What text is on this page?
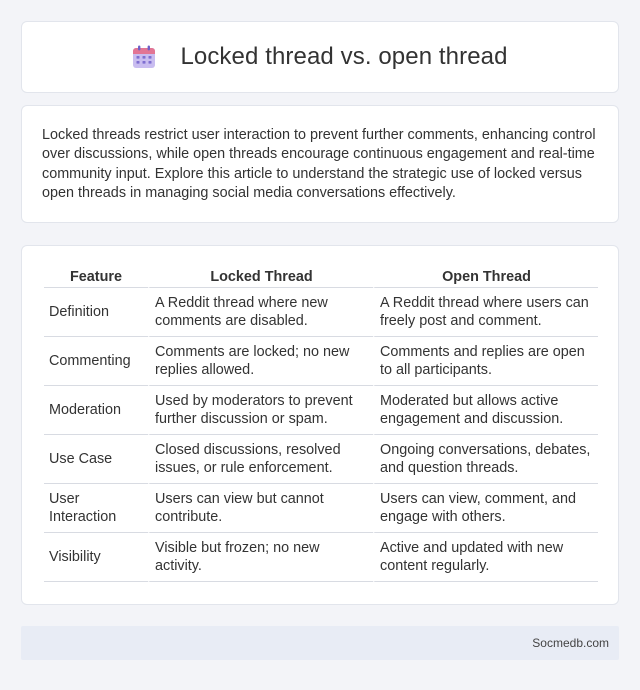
Locked thread vs. open thread

Locked threads restrict user interaction to prevent further comments, enhancing control over discussions, while open threads encourage continuous engagement and real-time community input. Explore this article to understand the strategic use of locked versus open threads in managing social media conversations effectively.

Feature	Locked Thread	Open Thread
Definition	A Reddit thread where new comments are disabled.	A Reddit thread where users can freely post and comment.
Commenting	Comments are locked; no new replies allowed.	Comments and replies are open to all participants.
Moderation	Used by moderators to prevent further discussion or spam.	Moderated but allows active engagement and discussion.
Use Case	Closed discussions, resolved issues, or rule enforcement.	Ongoing conversations, debates, and question threads.
User Interaction	Users can view but cannot contribute.	Users can view, comment, and engage with others.
Visibility	Visible but frozen; no new activity.	Active and updated with new content regularly.
Socmedb.com
